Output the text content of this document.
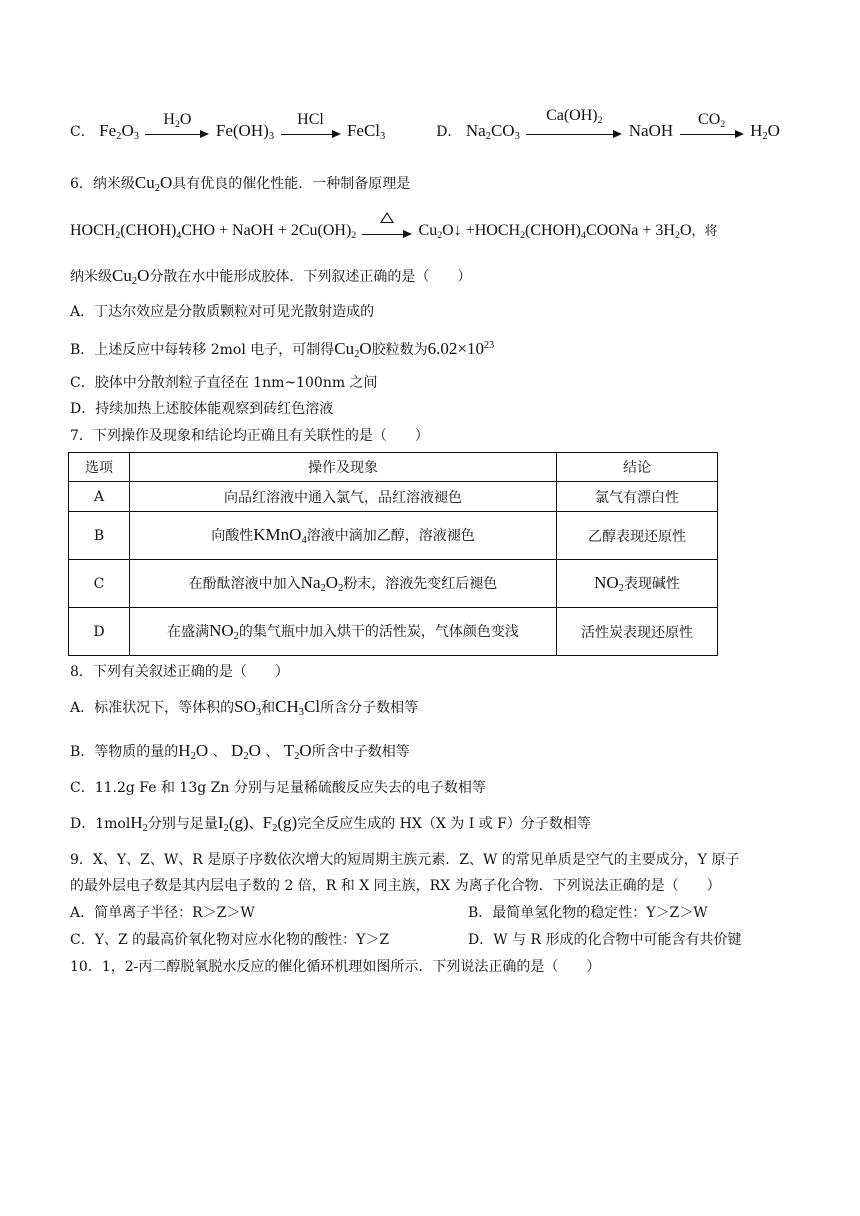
C． $Fe_2O_3$
$H_2O$
$Fe(OH)_3$
HCl
FeCl$_3$	D． $Na_2CO_3$
$Ca(OH)_2$
NaOH
$CO_2$	$H_2O$
6．纳米级$Cu_2O$具有优良的催化性能．一种制备原理是
$HOCH_2(CHOH)_4CHO$ + NaOH + $2Cu(OH)_2$	$Cu_2O↓$ $+HOCH_2(CHOH)_4COONa + 3H_2O$，将
纳米级$Cu_2O$分散在水中能形成胶体．下列叙述正确的是（　　）
A．丁达尔效应是分散质颗粒对可见光散射造成的
B．上述反应中每转移 2mol 电子，可制得$Cu_2O$胶粒数为$6.02\times 10^{23}$
C．胶体中分散剂粒子直径在 1nm~100nm 之间
D．持续加热上述胶体能观察到砖红色溶液
7．下列操作及现象和结论均正确且有关联性的是（　　）
选项	操作及现象	结论
A	向品红溶液中通入氯气，品红溶液褪色	氯气有漂白性
B	向酸性KMnO$_4$溶液中滴加乙醇，溶液褪色	乙醇表现还原性
C	在酚酞溶液中加入$Na_2O_2$粉末，溶液先变红后褪色	$NO_2$表现碱性
D	在盛满$NO_2$的集气瓶中加入烘干的活性炭，气体颜色变浅	活性炭表现还原性
8．下列有关叙述正确的是（　　）
A．标准状况下，等体积的$SO_3$和$CH_3Cl$所含分子数相等
B．等物质的量的$H_2O$ 、 $D_2O$ 、 $T_2O$所含中子数相等
C．11.2g Fe 和 13g Zn 分别与足量稀硫酸反应失去的电子数相等
D．1molH$_2$分别与足量$I_2(g)$、$F_2(g)$完全反应生成的 HX（X 为 I 或 F）分子数相等
9．X、Y、Z、W、R 是原子序数依次增大的短周期主族元素．Z、W 的常见单质是空气的主要成分，Y 原子
的最外层电子数是其内层电子数的 2 倍，R 和 X 同主族，RX 为离子化合物．下列说法正确的是（　　）
A．简单离子半径：R＞Z＞W	B．最简单氢化物的稳定性：Y＞Z＞W
C．Y、Z 的最高价氧化物对应水化物的酸性：Y＞Z	D．W 与 R 形成的化合物中可能含有共价键
10．1，2-丙二醇脱氧脱水反应的催化循环机理如图所示．下列说法正确的是（　　）
